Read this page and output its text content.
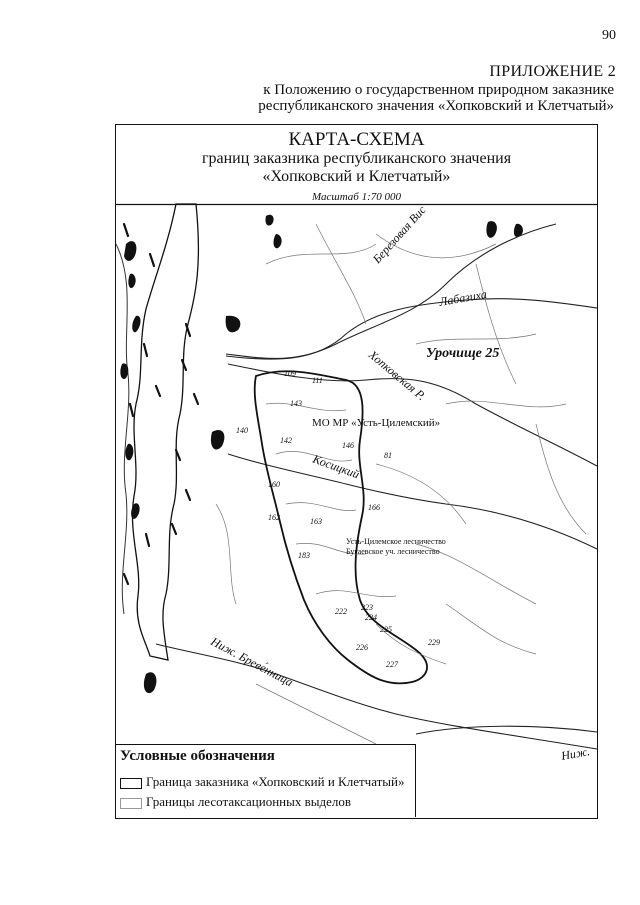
90
ПРИЛОЖЕНИЕ 2
к Положению о государственном природном заказнике
республиканского значения «Хопковский и Клетчатый»
КАРТА-СХЕМА
границ заказника республиканского значения
«Хопковский и Клетчатый»
Масштаб 1:70 000
Березовая Вис
Лабазиха
Урочище 25
Хопковская Р.
Косицкий
Ниж. Бреве́нница
Ниж.
МО МР «Усть-Цилемский»
Усть-Цилемское лесничество
Бугаевское уч. лесничество
109
111
143
140
142
146
81
160
166
162	163
183
222 223
224
225
226
227
229
Условные обозначения
Граница заказника «Хопковский и Клетчатый»
Границы лесотаксационных выделов
